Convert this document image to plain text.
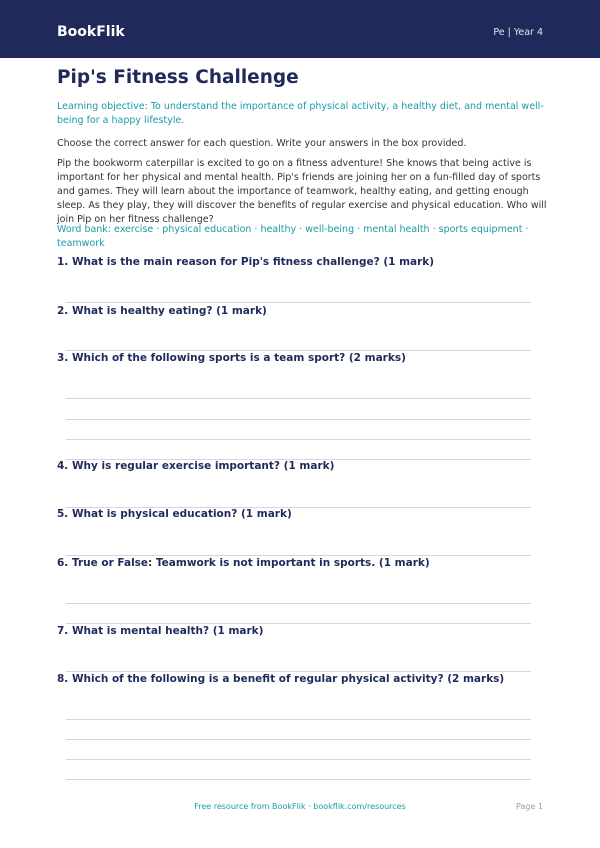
BookFlik	Pe | Year 4
Pip's Fitness Challenge
Learning objective: To understand the importance of physical activity, a healthy diet, and mental well-being for a happy lifestyle.
Choose the correct answer for each question. Write your answers in the box provided.
Pip the bookworm caterpillar is excited to go on a fitness adventure! She knows that being active is important for her physical and mental health. Pip's friends are joining her on a fun-filled day of sports and games. They will learn about the importance of teamwork, healthy eating, and getting enough sleep. As they play, they will discover the benefits of regular exercise and physical education. Who will join Pip on her fitness challenge?
Word bank: exercise · physical education · healthy · well-being · mental health · sports equipment · teamwork
1. What is the main reason for Pip's fitness challenge? (1 mark)
2. What is healthy eating? (1 mark)
3. Which of the following sports is a team sport? (2 marks)
4. Why is regular exercise important? (1 mark)
5. What is physical education? (1 mark)
6. True or False: Teamwork is not important in sports. (1 mark)
7. What is mental health? (1 mark)
8. Which of the following is a benefit of regular physical activity? (2 marks)
Free resource from BookFlik · bookflik.com/resources	Page 1
